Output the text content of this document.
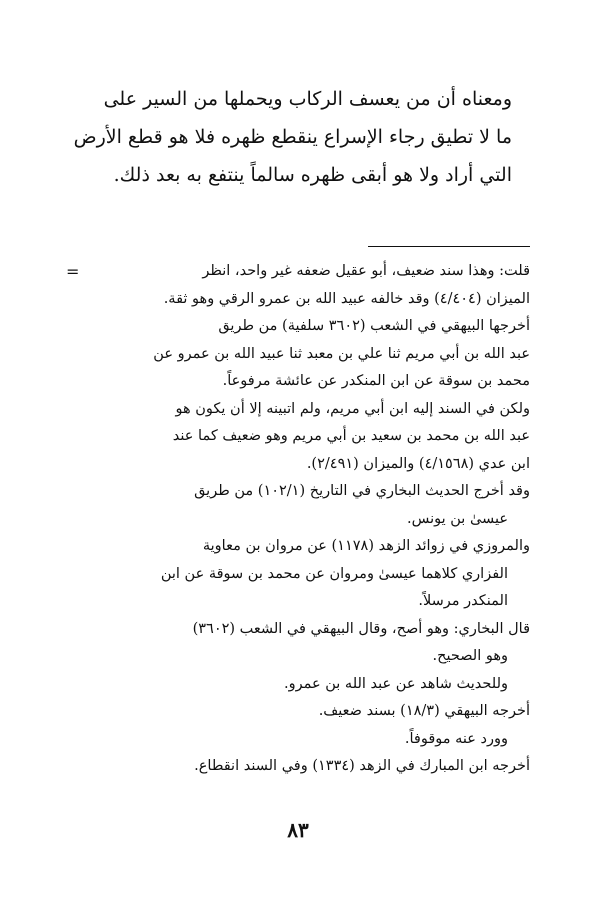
ومعناه أن من يعسف الركاب ويحملها من السير على

ما لا تطيق رجاء الإسراع ينقطع ظهره فلا هو قطع الأرض

التي أراد ولا هو أبقى ظهره سالماً ينتفع به بعد ذلك.

=	قلت: وهذا سند ضعيف، أبو عقيل ضعفه غير واحد، انظر

الميزان (٤/٤٠٤) وقد خالفه عبيد الله بن عمرو الرقي وهو ثقة.

أخرجها البيهقي في الشعب (٣٦٠٢ سلفية) من طريق

عبد الله بن أبي مريم ثنا علي بن معبد ثنا عبيد الله بن عمرو عن

محمد بن سوقة عن ابن المنكدر عن عائشة مرفوعاً.

ولكن في السند إليه ابن أبي مريم، ولم اتبينه إلا أن يكون هو

عبد الله بن محمد بن سعيد بن أبي مريم وهو ضعيف كما عند

ابن عدي (٤/١٥٦٨) والميزان (٢/٤٩١).

وقد أخرج الحديث البخاري في التاريخ (١٠٢/١) من طريق

عيسىٰ بن يونس.

والمروزي في زوائد الزهد (١١٧٨) عن مروان بن معاوية

الفزاري كلاهما عيسىٰ ومروان عن محمد بن سوقة عن ابن

المنكدر مرسلاً.

قال البخاري: وهو أصح، وقال البيهقي في الشعب (٣٦٠٢)

وهو الصحيح.

وللحديث شاهد عن عبد الله بن عمرو.

أخرجه البيهقي (١٨/٣) بسند ضعيف.

وورد عنه موقوفاً.

أخرجه ابن المبارك في الزهد (١٣٣٤) وفي السند انقطاع.

٨٣
